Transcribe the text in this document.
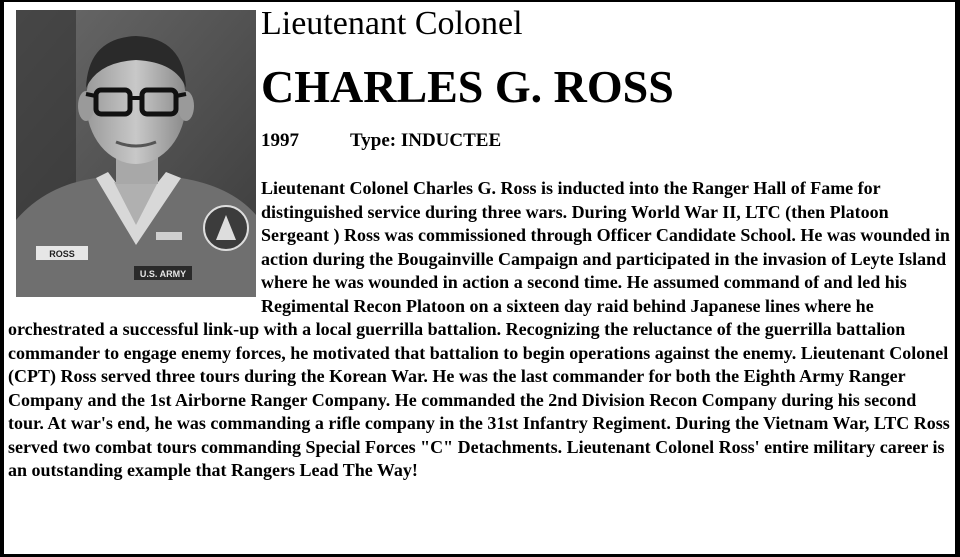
ROSS
U.S. ARMY
Lieutenant Colonel
CHARLES G. ROSS
1997	Type: INDUCTEE

Lieutenant Colonel Charles G. Ross is inducted into the Ranger Hall of Fame for distinguished service during three wars. During World War II, LTC (then Platoon Sergeant ) Ross was commissioned through Officer Candidate School. He was wounded in action during the Bougainville Campaign and participated in the invasion of Leyte Island where he was wounded in action a second time. He assumed command of and led his Regimental Recon Platoon on a sixteen day raid behind Japanese lines where he orchestrated a successful link-up with a local guerrilla battalion. Recognizing the reluctance of the guerrilla battalion commander to engage enemy forces, he motivated that battalion to begin operations against the enemy. Lieutenant Colonel (CPT) Ross served three tours during the Korean War. He was the last commander for both the Eighth Army Ranger Company and the 1st Airborne Ranger Company. He commanded the 2nd Division Recon Company during his second tour. At war's end, he was commanding a rifle company in the 31st Infantry Regiment. During the Vietnam War, LTC Ross served two combat tours commanding Special Forces "C" Detachments. Lieutenant Colonel Ross' entire military career is an outstanding example that Rangers Lead The Way!
